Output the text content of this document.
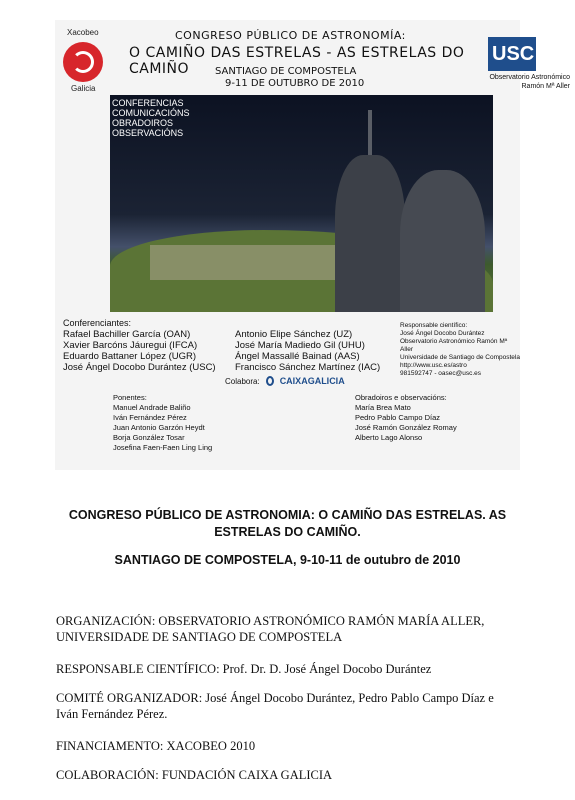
Xacobeo
Galicia
CONGRESO PÚBLICO DE ASTRONOMÍA:
O CAMIÑO DAS ESTRELAS - AS ESTRELAS DO CAMIÑO	SANTIAGO DE COMPOSTELA
9-11 DE OUTUBRO DE 2010
USC
Observatorio Astronómico
Ramón Mª Aller
CONFERENCIAS
COMUNICACIÓNS
OBRADOIROS
OBSERVACIÓNS
Conferenciantes:
Rafael Bachiller García (OAN)
Xavier Barcóns Jáuregui (IFCA)
Eduardo Battaner López (UGR)
José Ángel Docobo Durántez (USC)
Antonio Elipe Sánchez (UZ)
José María Madiedo Gil (UHU)
Ángel Massallé Bainad (AAS)
Francisco Sánchez Martínez (IAC)
Responsable científico:
José Ángel Docobo Durántez
Observatorio Astronómico Ramón Mª Aller
Universidade de Santiago de Compostela
http://www.usc.es/astro
981592747 - oasec@usc.es
Colabora: CAIXAGALICIA
Ponentes:
Manuel Andrade Baliño
Iván Fernández Pérez
Juan Antonio Garzón Heydt
Borja González Tosar
Josefina Faen-Faen Ling Ling
Obradoiros e observacións:
María Brea Mato
Pedro Pablo Campo Díaz
José Ramón González Romay
Alberto Lago Alonso
CONGRESO PÚBLICO DE ASTRONOMIA: O CAMIÑO DAS ESTRELAS. AS ESTRELAS DO CAMIÑO.
SANTIAGO DE COMPOSTELA, 9-10-11 de outubro de 2010
ORGANIZACIÓN: OBSERVATORIO ASTRONÓMICO RAMÓN MARÍA ALLER, UNIVERSIDADE DE SANTIAGO DE COMPOSTELA
RESPONSABLE CIENTÍFICO: Prof. Dr. D. José Ángel Docobo Durántez
COMITÉ ORGANIZADOR: José Ángel Docobo Durántez, Pedro Pablo Campo Díaz e Iván Fernández Pérez.
FINANCIAMENTO: XACOBEO 2010
COLABORACIÓN: FUNDACIÓN CAIXA GALICIA
